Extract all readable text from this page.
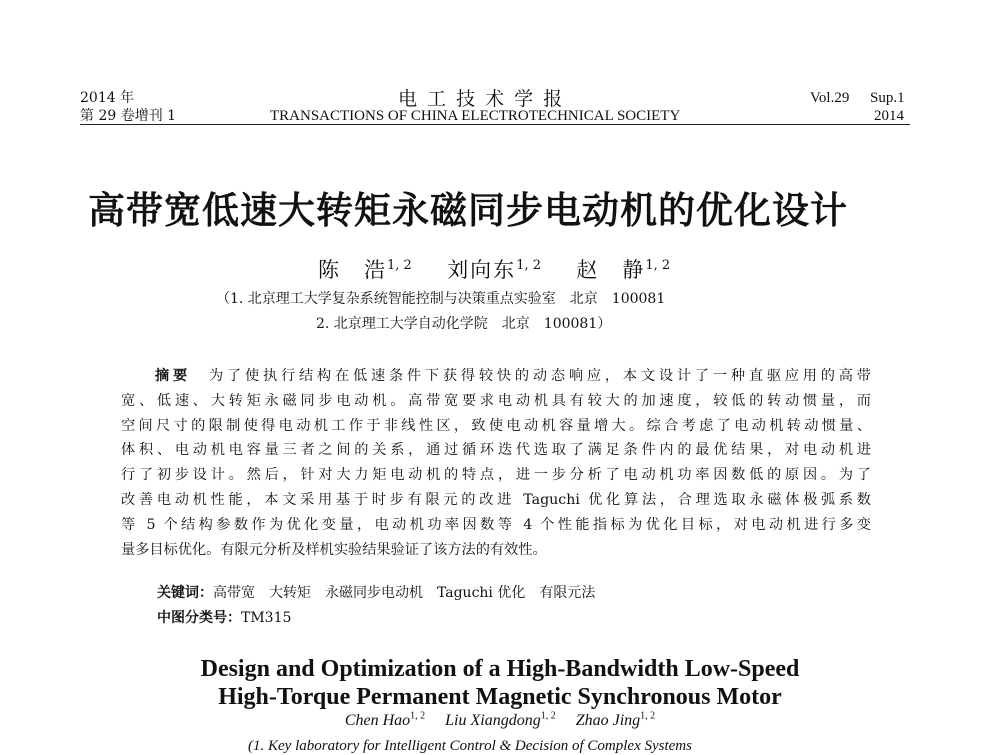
2014 年
第 29 卷增刊 1
电 工 技 术 学 报
TRANSACTIONS OF CHINA ELECTROTECHNICAL SOCIETY
Vol.29 Sup.1
2014
高带宽低速大转矩永磁同步电动机的优化设计
陈　浩$^{1, 2}$ 刘向东$^{1, 2}$ 赵　静$^{1, 2}$
（1. 北京理工大学复杂系统智能控制与决策重点实验室　北京　100081
2. 北京理工大学自动化学院　北京　100081）

摘要　 为了使执行结构在低速条件下获得较快的动态响应，本文设计了一种直驱应用的高带

宽、低速、大转矩永磁同步电动机。高带宽要求电动机具有较大的加速度，较低的转动惯量，而

空间尺寸的限制使得电动机工作于非线性区，致使电动机容量增大。综合考虑了电动机转动惯量、

体积、电动机电容量三者之间的关系，通过循环迭代选取了满足条件内的最优结果，对电动机进

行了初步设计。然后，针对大力矩电动机的特点，进一步分析了电动机功率因数低的原因。为了

改善电动机性能，本文采用基于时步有限元的改进 Taguchi 优化算法，合理选取永磁体极弧系数

等 5 个结构参数作为优化变量，电动机功率因数等 4 个性能指标为优化目标，对电动机进行多变

量多目标优化。有限元分析及样机实验结果验证了该方法的有效性。

关键词：高带宽　大转矩　永磁同步电动机　Taguchi 优化　有限元法
中图分类号：TM315
Design and Optimization of a High-Bandwidth Low-Speed
High-Torque Permanent Magnetic Synchronous Motor
Chen Hao$^{1, 2}$ Liu Xiangdong$^{1, 2}$ Zhao Jing$^{1, 2}$
(1. Key laboratory for Intelligent Control & Decision of Complex Systems
